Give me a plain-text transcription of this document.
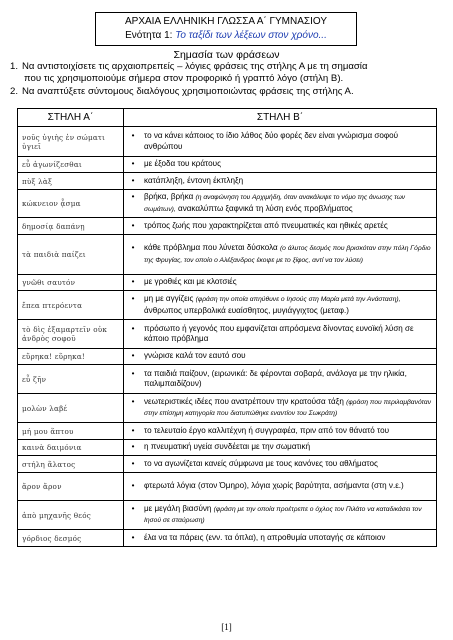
ΑΡΧΑΙΑ ΕΛΛΗΝΙΚΗ ΓΛΩΣΣΑ Α΄ ΓΥΜΝΑΣΙΟΥ
Ενότητα 1: Το ταξίδι των λέξεων στον χρόνο...
Σημασία των φράσεων
1. Να αντιστοιχίσετε τις αρχαιοπρεπείς – λόγιες φράσεις της στήλης Α με τη σημασία
που τις χρησιμοποιούμε σήμερα στον προφορικό ή γραπτό λόγο (στήλη Β).
2. Να αναπτύξετε σύντομους διαλόγους χρησιμοποιώντας φράσεις της στήλης Α.
ΣΤΗΛΗ Α΄	ΣΤΗΛΗ Β΄
νοῦς ὑγιὴς ἐν σώματι ὑγιεῖ	• το να κάνει κάποιος το ίδιο λάθος δύο φορές δεν είναι γνώρισμα σοφού ανθρώπου

εὖ ἀγωνίζεσθαι	• με έξοδα του κράτους

πὺξ λὰξ	• κατάπληξη, έντονη έκπληξη

κώκνειον ᾆσμα	• βρήκα, βρήκα (η αναφώνηση του Αρχιμήδη, όταν ανακάλυψε το νόμο της άνωσης των σωμάτων), ανακαλύπτω ξαφνικά τη λύση ενός προβλήματος

δημοσίᾳ δαπάνῃ	• τρόπος ζωής που χαρακτηρίζεται από πνευματικές και ηθικές αρετές

τὰ παιδιὰ παίζει	• κάθε πρόβλημα που λύνεται δύσκολα (ο άλυτος δεσμός που βρισκόταν στην πόλη Γόρδιο της Φρυγίας, τον οποίο ο Αλέξανδρος έκοψε με το ξίφος, αντί να τον λύσει)

γνῶθι σαυτόν	• με γροθιές και με κλοτσιές

ἔπεα πτερόεντα	• μη με αγγίζεις (φράση την οποία απηύθυνε ο Ιησούς στη Μαρία μετά την Ανάσταση), άνθρωπος υπερβολικά ευαίσθητος, μυγιάγγιχτος (μεταφ.)

τὸ δὶς ἐξαμαρτεῖν οὐκ ἀνδρὸς σοφοῦ	• πρόσωπο ή γεγονός που εμφανίζεται απρόσμενα δίνοντας ευνοϊκή λύση σε κάποιο πρόβλημα

εὕρηκα! εὕρηκα!	• γνώρισε καλά τον εαυτό σου

εὖ ζῆν	• τα παιδιά παίζουν, (ειρωνικά: δε φέρονται σοβαρά, ανάλογα με την ηλικία, παλιμπαιδίζουν)

μολὼν λαβέ	• νεωτεριστικές ιδέες που ανατρέπουν την κρατούσα τάξη (φράση που περιλαμβανόταν στην επίσημη κατηγορία που διατυπώθηκε εναντίον του Σωκράτη)

μή μου ἅπτου	• το τελευταίο έργο καλλιτέχνη ή συγγραφέα, πριν από τον θάνατό του

καινὰ δαιμόνια	• η πνευματική υγεία συνδέεται με την σωματική

στήλη ἅλατος	• το να αγωνίζεται κανείς σύμφωνα με τους κανόνες του αθλήματος

ἄρον ἄρον	• φτερωτά λόγια (στον Όμηρο), λόγια χωρίς βαρύτητα, ασήμαντα (στη ν.ε.)

ἀπὸ μηχανῆς θεός	• με μεγάλη βιασύνη (φράση με την οποία προέτρεπε ο όχλος τον Πιλάτο να καταδικάσει τον Ιησού σε σταύρωση)

γόρδιος δεσμός	• έλα να τα πάρεις (ενν. τα όπλα), η απροθυμία υποταγής σε κάποιον
[1]
